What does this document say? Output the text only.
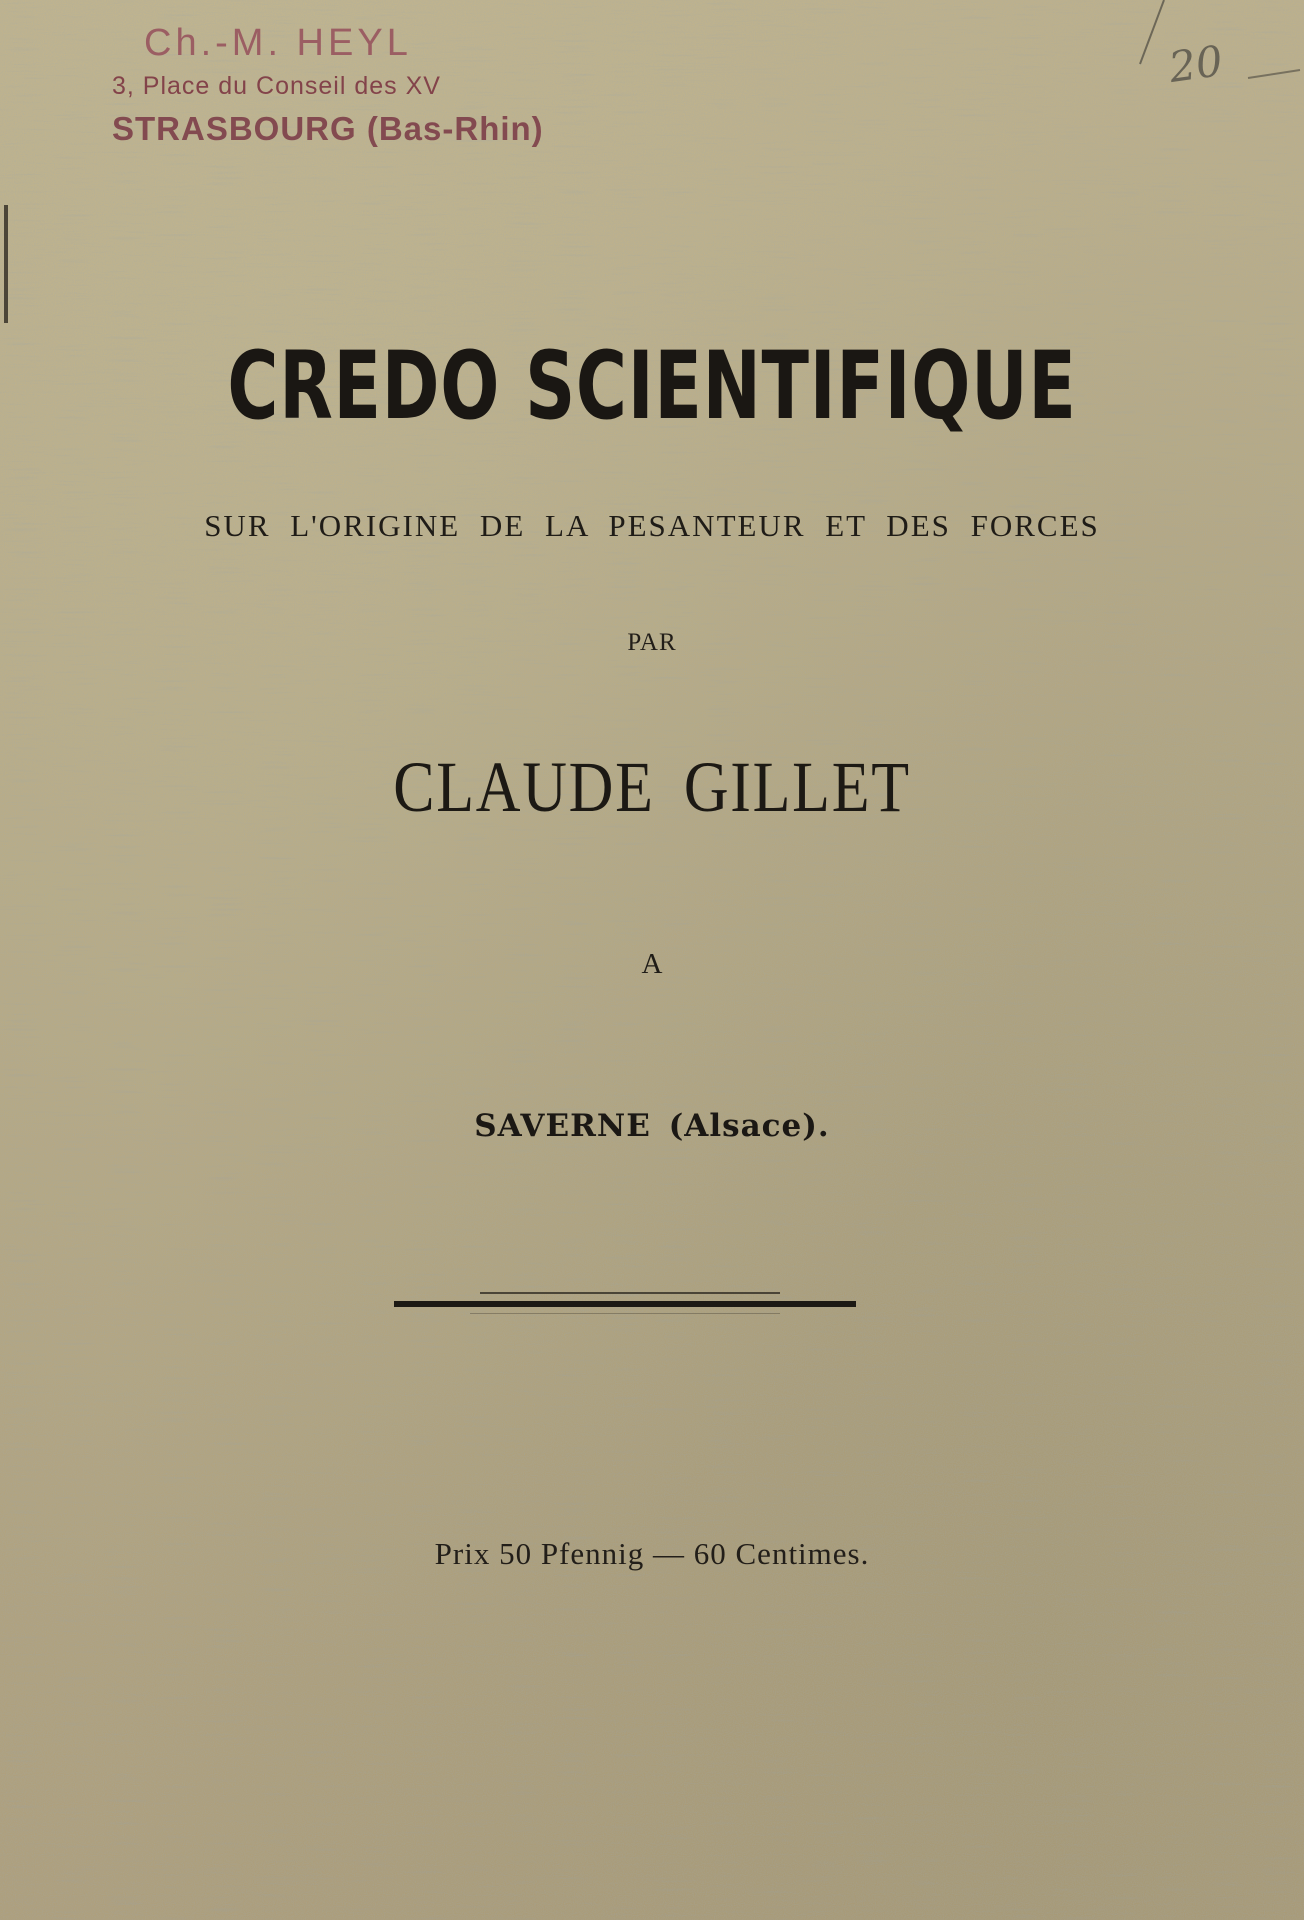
Ch.-M. HEYL
3, Place du Conseil des XV
STRASBOURG (Bas-Rhin)
20
CREDO SCIENTIFIQUE
SUR L'ORIGINE DE LA PESANTEUR ET DES FORCES
PAR
CLAUDE GILLET
A
SAVERNE (Alsace).
Prix 50 Pfennig — 60 Centimes.
